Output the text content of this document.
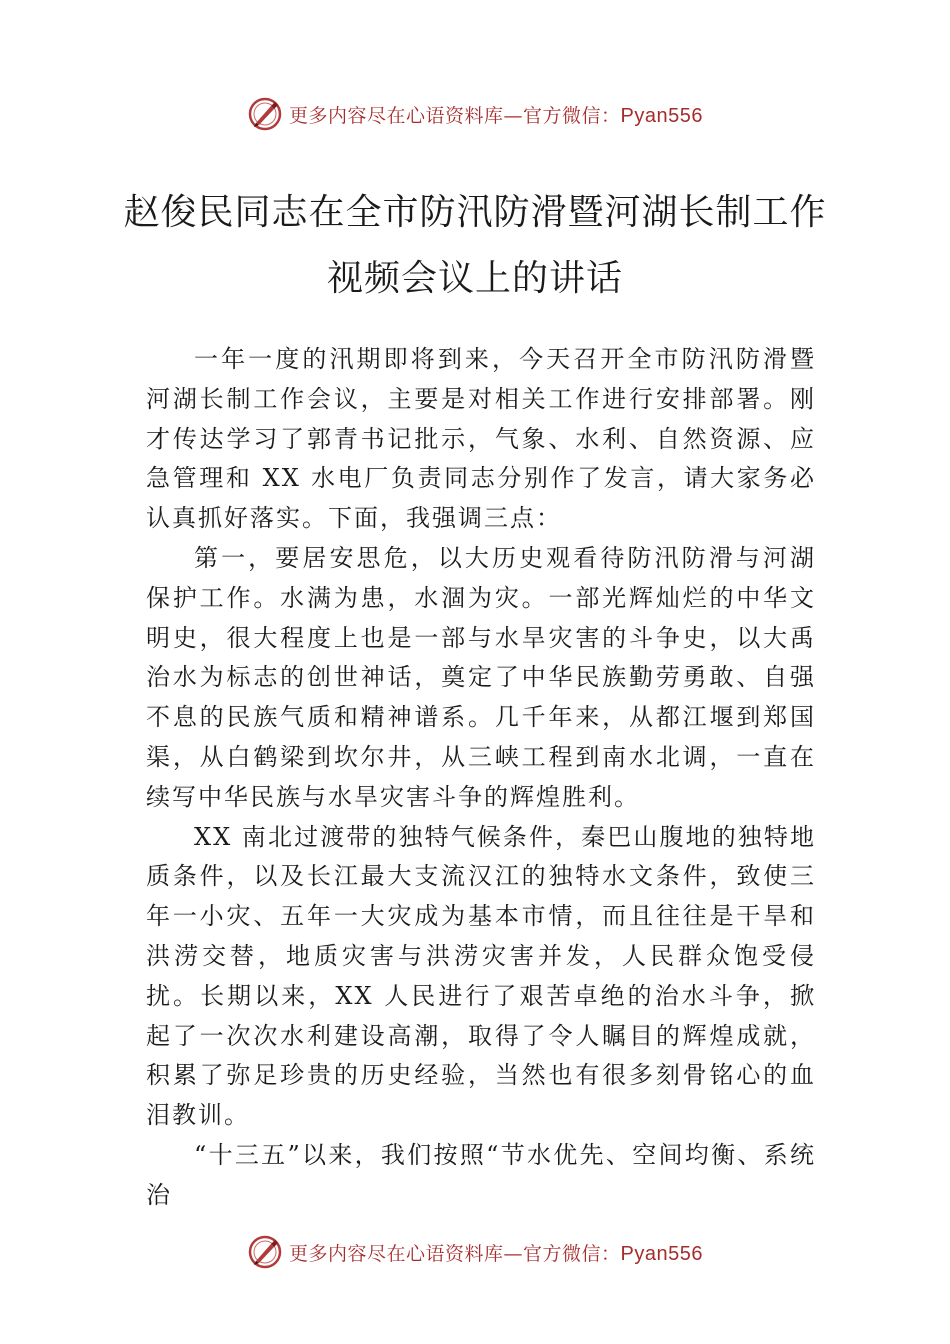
更多内容尽在心语资料库—官方微信：Pyan556
赵俊民同志在全市防汛防滑暨河湖长制工作视频会议上的讲话

一年一度的汛期即将到来，今天召开全市防汛防滑暨河湖长制工作会议，主要是对相关工作进行安排部署。刚才传达学习了郭青书记批示，气象、水利、自然资源、应急管理和 XX 水电厂负责同志分别作了发言，请大家务必认真抓好落实。下面，我强调三点：

第一，要居安思危，以大历史观看待防汛防滑与河湖保护工作。水满为患，水涸为灾。一部光辉灿烂的中华文明史，很大程度上也是一部与水旱灾害的斗争史，以大禹治水为标志的创世神话，奠定了中华民族勤劳勇敢、自强不息的民族气质和精神谱系。几千年来，从都江堰到郑国渠，从白鹤梁到坎尔井，从三峡工程到南水北调，一直在续写中华民族与水旱灾害斗争的辉煌胜利。

XX 南北过渡带的独特气候条件，秦巴山腹地的独特地质条件，以及长江最大支流汉江的独特水文条件，致使三年一小灾、五年一大灾成为基本市情，而且往往是干旱和洪涝交替，地质灾害与洪涝灾害并发，人民群众饱受侵扰。长期以来，XX 人民进行了艰苦卓绝的治水斗争，掀起了一次次水利建设高潮，取得了令人瞩目的辉煌成就，积累了弥足珍贵的历史经验，当然也有很多刻骨铭心的血泪教训。

“十三五”以来，我们按照“节水优先、空间均衡、系统治

更多内容尽在心语资料库—官方微信：Pyan556
